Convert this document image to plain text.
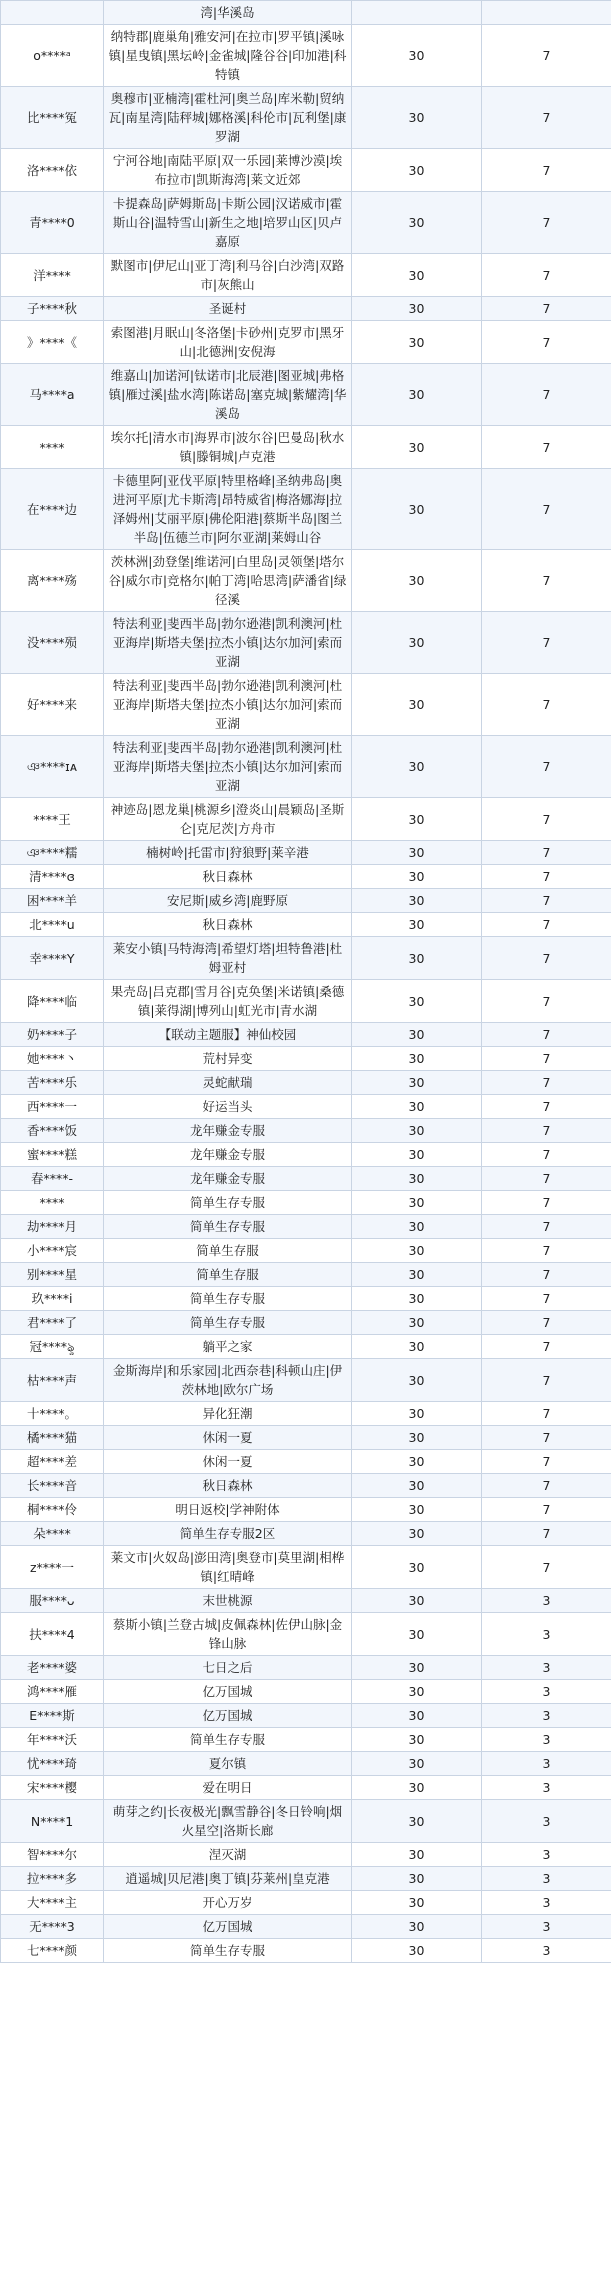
	湾|华溪岛		
o****ᵃ	纳特郡|鹿巢角|雅安河|在拉市|罗平镇|溪咏镇|星曳镇|黑坛岭|金雀城|隆谷谷|印加港|科特镇	30	7
比****冤	奥穆市|亚楠湾|霍杜河|奥兰岛|库米勒|贸纳瓦|南星湾|陆秤城|娜格溪|科伦市|瓦利堡|康罗湖	30	7
洛****依	宁河谷地|南陆平原|双一乐园|莱博沙漠|埃布拉市|凯斯海湾|莱文近郊	30	7
青****0	卡提森岛|萨姆斯岛|卡斯公园|汉诺威市|霍斯山谷|温特雪山|新生之地|培罗山区|贝卢嘉原	30	7
洋****	默图市|伊尼山|亚丁湾|利马谷|白沙湾|双路市|灰熊山	30	7
子****秋	圣诞村	30	7
》****《	索图港|月眠山|冬洛堡|卡砂州|克罗市|黑牙山|北德洲|安倪海	30	7
马****a	维嘉山|加诺河|钛诺市|北辰港|图亚城|弗格镇|雁过溪|盐水湾|陈诺岛|塞克城|紫耀湾|华溪岛	30	7
****	埃尔托|清水市|海界市|波尔谷|巴曼岛|秋水镇|滕铜城|卢克港	30	7
在****边	卡德里阿|亚伐平原|特里格峰|圣纳弗岛|奥进河平原|尤卡斯湾|昂特威省|梅洛娜海|拉泽姆州|艾丽平原|佛伦阳港|蔡斯半岛|图兰半岛|伍德兰市|阿尔亚湖|莱姆山谷	30	7
离****殇	茨林洲|劲登堡|维诺河|白里岛|灵领堡|塔尔谷|威尔市|竞格尔|帕丁湾|哈思湾|萨潘省|绿径溪	30	7
没****殒	特法利亚|斐西半岛|勃尔逊港|凯利澳河|杜亚海岸|斯塔夫堡|拉杰小镇|达尔加河|索而亚湖	30	7
好****来	特法利亚|斐西半岛|勃尔逊港|凯利澳河|杜亚海岸|斯塔夫堡|拉杰小镇|达尔加河|索而亚湖	30	7
ঞ****ɪᴀ	特法利亚|斐西半岛|勃尔逊港|凯利澳河|杜亚海岸|斯塔夫堡|拉杰小镇|达尔加河|索而亚湖	30	7
****王	神迹岛|恩龙巢|桃源乡|澄炎山|晨颖岛|圣斯仑|克尼茨|方舟市	30	7
ঞ****糯	楠树岭|托雷市|狩狼野|莱辛港	30	7
清****ɞ	秋日森林	30	7
困****羊	安尼斯|威乡湾|鹿野原	30	7
北****u	秋日森林	30	7
幸****Y	莱安小镇|马特海湾|希望灯塔|坦特鲁港|杜姆亚村	30	7
降****临	果壳岛|吕克郡|雪月谷|克奂堡|米诺镇|桑德镇|莱得湖|博列山|虹光市|青水湖	30	7
奶****子	【联动主题服】神仙校园	30	7
她****丶	荒村异变	30	7
苦****乐	灵蛇献瑞	30	7
西****一	好运当头	30	7
香****饭	龙年赚金专服	30	7
蜜****糕	龙年赚金专服	30	7
春****-	龙年赚金专服	30	7
****	简单生存专服	30	7
劫****月	简单生存专服	30	7
小****宸	简单生存服	30	7
别****星	简单生存服	30	7
玖****i	简单生存专服	30	7
君****了	简单生存专服	30	7
冠****ৡ	躺平之家	30	7
枯****声	金斯海岸|和乐家园|北西奈巷|科顿山庄|伊茨林地|欧尔广场	30	7
十****。	异化狂潮	30	7
橘****猫	休闲一夏	30	7
超****差	休闲一夏	30	7
长****音	秋日森林	30	7
桐****伶	明日返校|学神附体	30	7
朵****	简单生存专服2区	30	7
z****一	莱文市|火奴岛|澎田湾|奥登市|莫里湖|相桦镇|红晴峰	30	7
服****ᴗ	末世桃源	30	3
扶****4	蔡斯小镇|兰登古城|皮佩森林|佐伊山脉|金锋山脉	30	3
老****婆	七日之后	30	3
鸿****雁	亿万国城	30	3
E****斯	亿万国城	30	3
年****沃	简单生存专服	30	3
忧****琦	夏尔镇	30	3
宋****樱	爱在明日	30	3
N****1	萌芽之约|长夜极光|飘雪静谷|冬日铃响|烟火星空|洛斯长廊	30	3
智****尔	涅灭湖	30	3
拉****多	逍遥城|贝尼港|奥丁镇|芬莱州|皇克港	30	3
大****主	开心万岁	30	3
无****3	亿万国城	30	3
七****颜	简单生存专服	30	3
